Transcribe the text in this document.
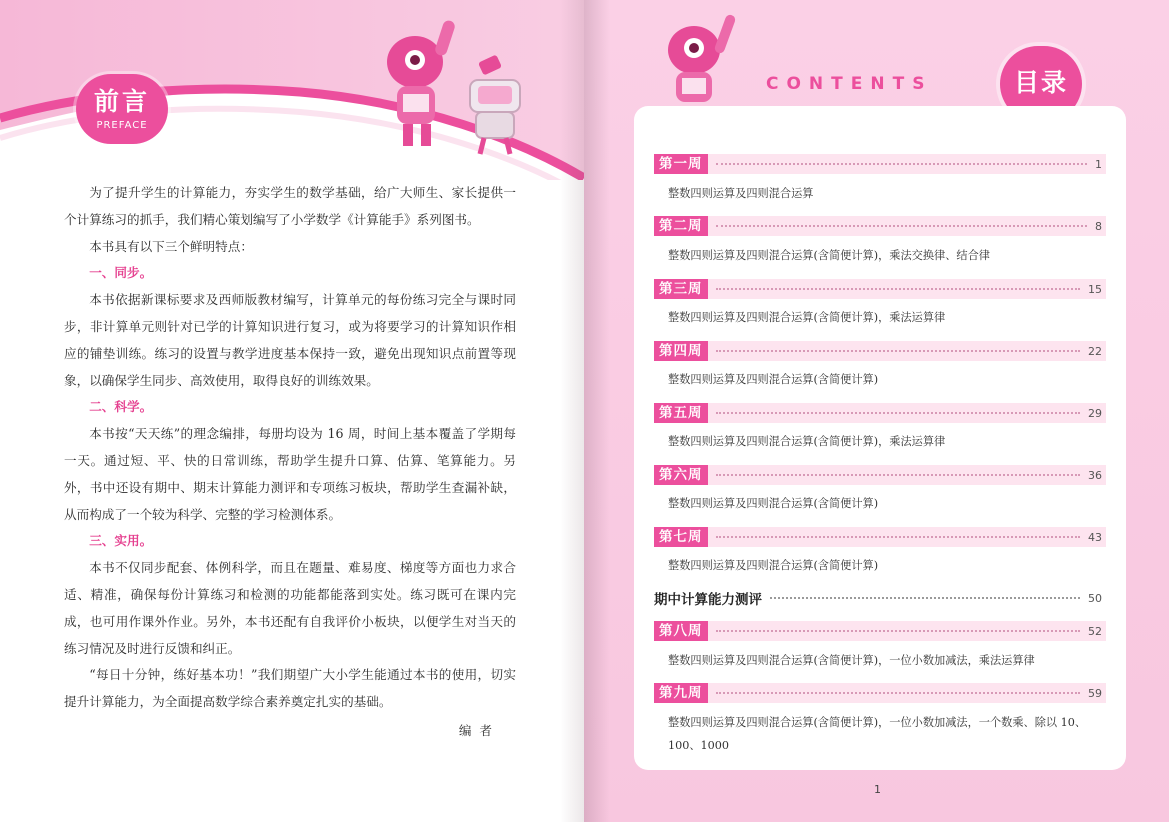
前言
PREFACE

为了提升学生的计算能力，夯实学生的数学基础，给广大师生、家长提供一个计算练习的抓手，我们精心策划编写了小学数学《计算能手》系列图书。

本书具有以下三个鲜明特点：

一、同步。

本书依据新课标要求及西师版教材编写，计算单元的每份练习完全与课时同步，非计算单元则针对已学的计算知识进行复习，或为将要学习的计算知识作相应的铺垫训练。练习的设置与教学进度基本保持一致，避免出现知识点前置等现象，以确保学生同步、高效使用，取得良好的训练效果。

二、科学。

本书按“天天练”的理念编排，每册均设为 16 周，时间上基本覆盖了学期每一天。通过短、平、快的日常训练，帮助学生提升口算、估算、笔算能力。另外，书中还设有期中、期末计算能力测评和专项练习板块，帮助学生查漏补缺，从而构成了一个较为科学、完整的学习检测体系。

三、实用。

本书不仅同步配套、体例科学，而且在题量、难易度、梯度等方面也力求合适、精准，确保每份计算练习和检测的功能都能落到实处。练习既可在课内完成，也可用作课外作业。另外，本书还配有自我评价小板块，以便学生对当天的练习情况及时进行反馈和纠正。

“每日十分钟，练好基本功！”我们期望广大小学生能通过本书的使用，切实提升计算能力，为全面提高数学综合素养奠定扎实的基础。

编者

CONTENTS	目录
第一周	1
整数四则运算及四则混合运算
第二周	8
整数四则运算及四则混合运算(含简便计算)，乘法交换律、结合律
第三周	15
整数四则运算及四则混合运算(含简便计算)，乘法运算律
第四周	22
整数四则运算及四则混合运算(含简便计算)
第五周	29
整数四则运算及四则混合运算(含简便计算)，乘法运算律
第六周	36
整数四则运算及四则混合运算(含简便计算)
第七周	43
整数四则运算及四则混合运算(含简便计算)
期中计算能力测评	50
第八周	52
整数四则运算及四则混合运算(含简便计算)，一位小数加减法，乘法运算律
第九周	59
整数四则运算及四则混合运算(含简便计算)，一位小数加减法，一个数乘、除以 10、100、1000
1
